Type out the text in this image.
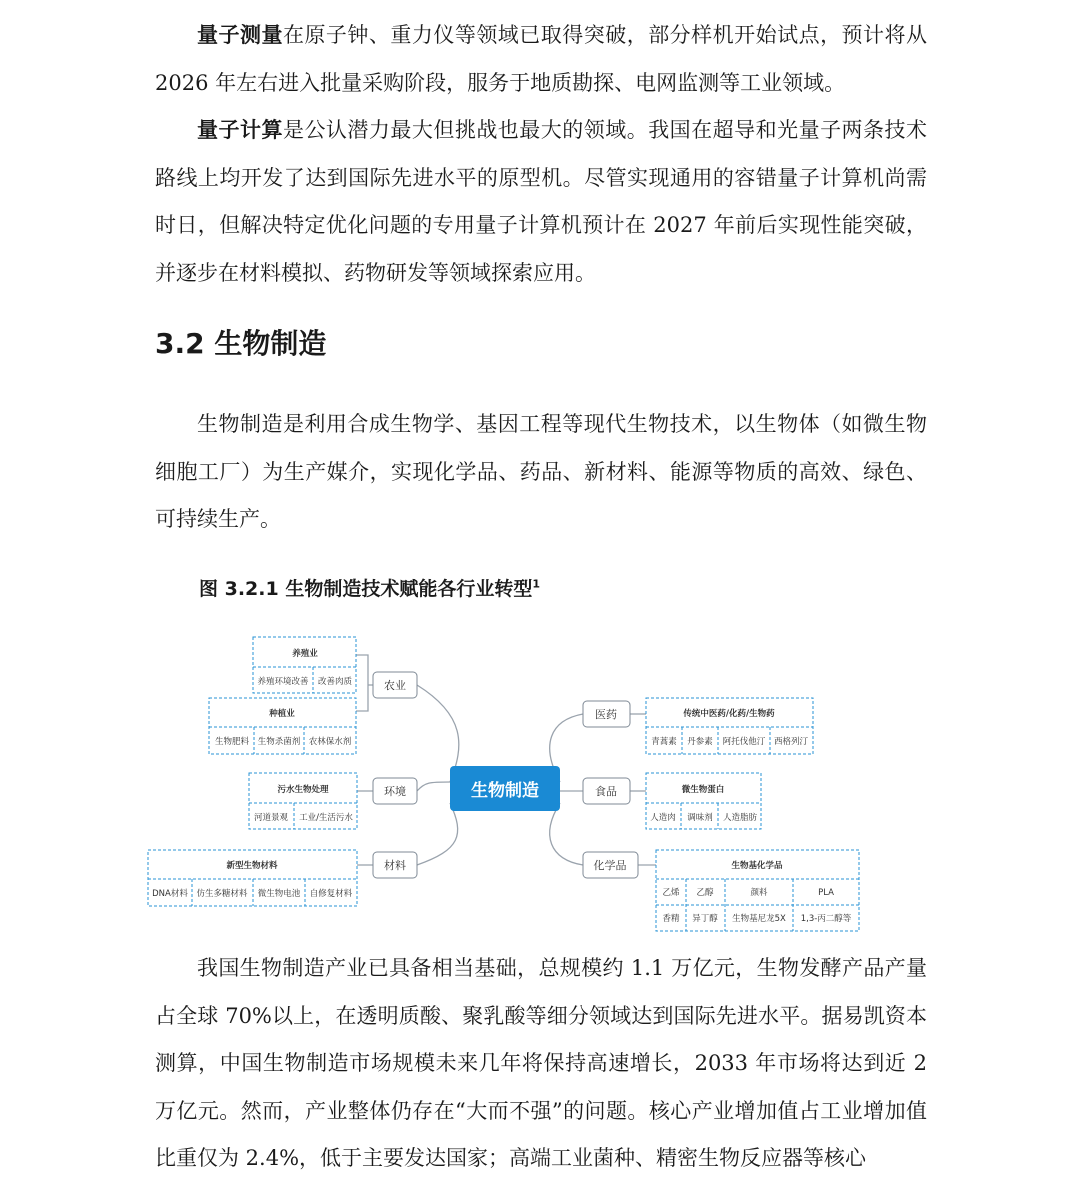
量子测量在原子钟、重力仪等领域已取得突破，部分样机开始试点，预计将从 2026 年左右进入批量采购阶段，服务于地质勘探、电网监测等工业领域。

量子计算是公认潜力最大但挑战也最大的领域。我国在超导和光量子两条技术路线上均开发了达到国际先进水平的原型机。尽管实现通用的容错量子计算机尚需时日，但解决特定优化问题的专用量子计算机预计在 2027 年前后实现性能突破，并逐步在材料模拟、药物研发等领域探索应用。

3.2 生物制造

生物制造是利用合成生物学、基因工程等现代生物技术，以生物体（如微生物细胞工厂）为生产媒介，实现化学品、药品、新材料、能源等物质的高效、绿色、可持续生产。

图 3.2.1 生物制造技术赋能各行业转型$^1$

生物制造
农业
环境
材料
医药
食品
化学品
养殖业
养殖环境改善 改善肉质
种植业
生物肥料 生物杀菌剂 农林保水剂
污水生物处理
河道景观 工业/生活污水
新型生物材料
DNA材料 仿生多糖材料 微生物电池 自修复材料
传统中医药/化药/生物药
青蒿素 丹参素 阿托伐他汀 西格列汀
微生物蛋白
人造肉 调味剂 人造脂肪
生物基化学品
乙烯 乙醇	颜料	PLA
香精 异丁醇 生物基尼龙5X 1,3-丙二醇等

我国生物制造产业已具备相当基础，总规模约 1.1 万亿元，生物发酵产品产量占全球 70%以上，在透明质酸、聚乳酸等细分领域达到国际先进水平。据易凯资本测算，中国生物制造市场规模未来几年将保持高速增长，2033 年市场将达到近 2 万亿元。然而，产业整体仍存在“大而不强”的问题。核心产业增加值占工业增加值比重仅为 2.4%，低于主要发达国家；高端工业菌种、精密生物反应器等核心
